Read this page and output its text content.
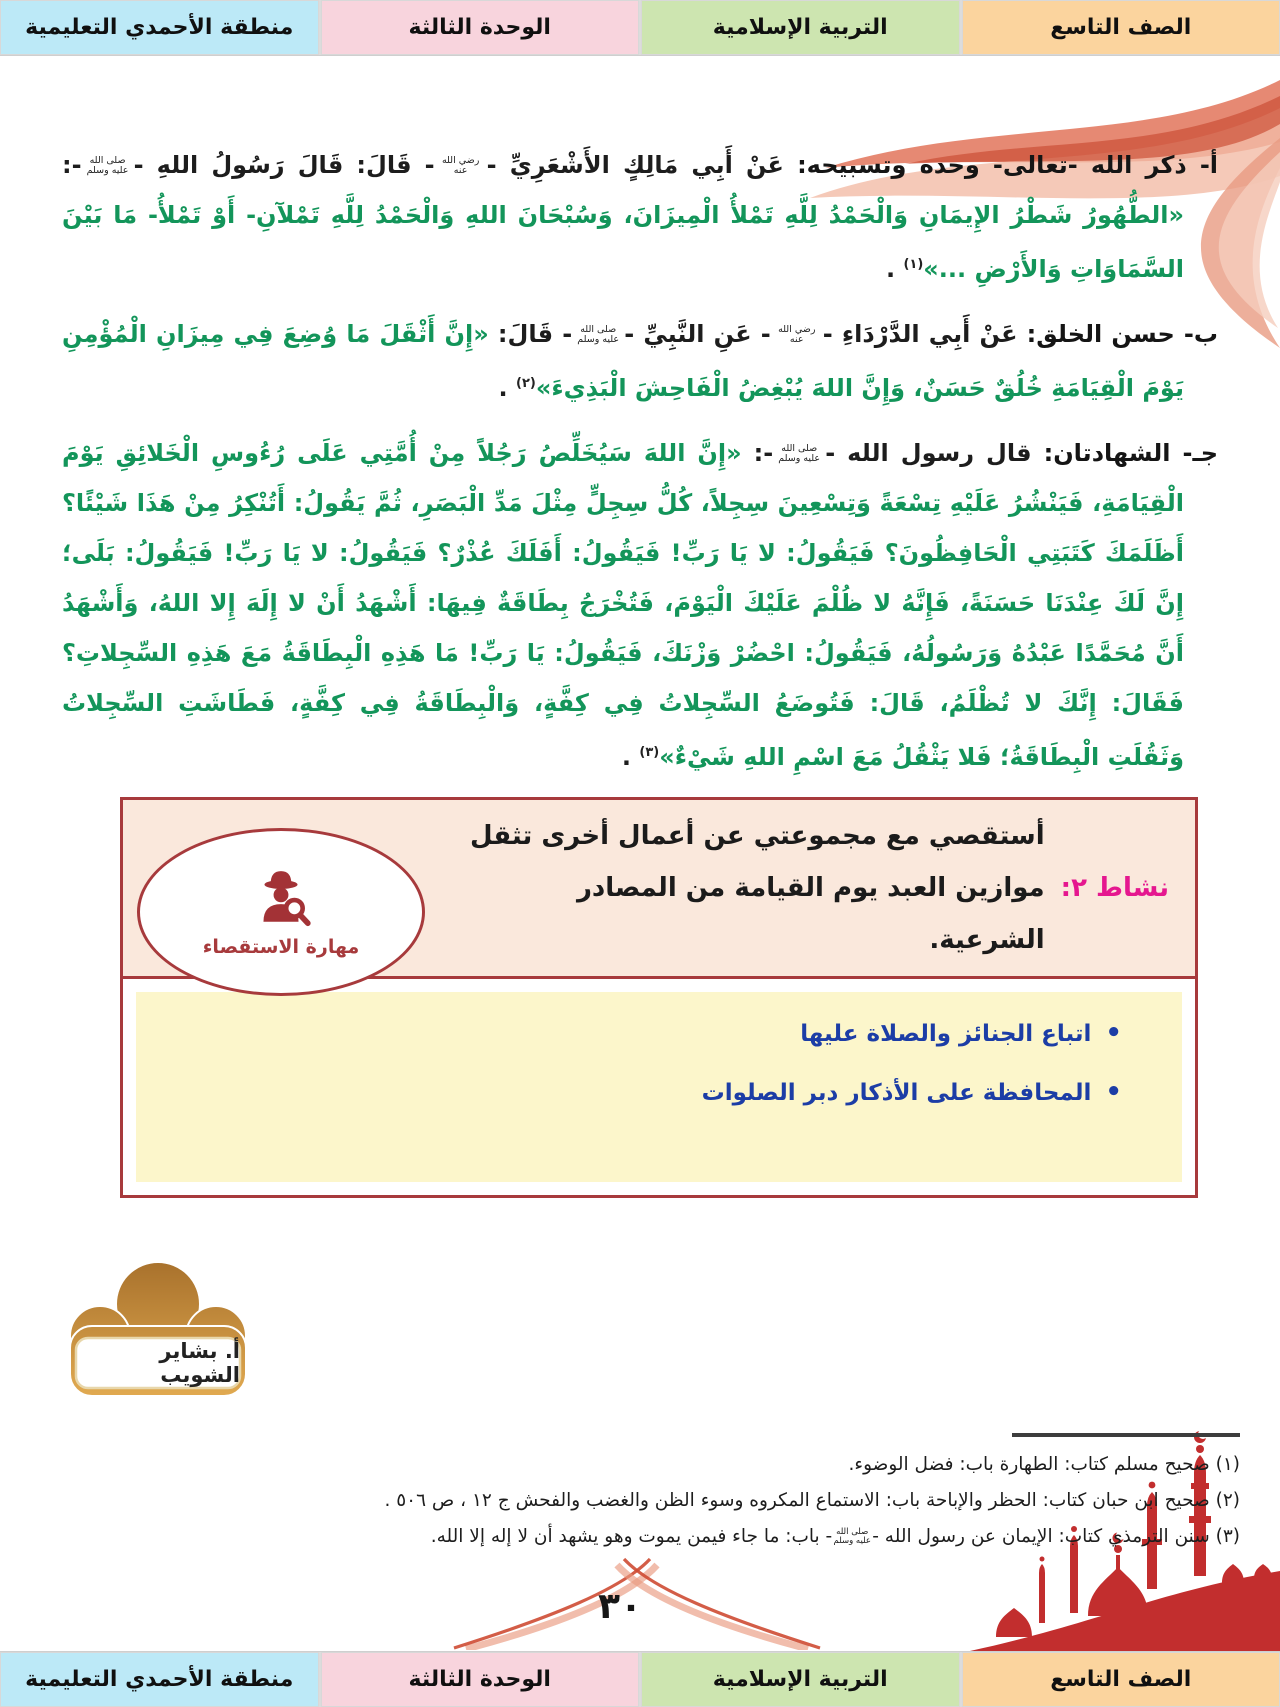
الصف التاسع
التربية الإسلامية
الوحدة الثالثة
منطقة الأحمدي التعليمية

أ- ذكر الله -تعالى- وحده وتسبيحه: عَنْ أَبِي مَالِكٍ الأَشْعَرِيِّ -رضي الله عنه- قَالَ: قَالَ رَسُولُ اللهِ -صلى الله عليه وسلم-: «الطُّهُورُ شَطْرُ الإِيمَانِ وَالْحَمْدُ لِلَّهِ تَمْلأُ الْمِيزَانَ، وَسُبْحَانَ اللهِ وَالْحَمْدُ لِلَّهِ تَمْلآنِ- أَوْ تَمْلأُ- مَا بَيْنَ السَّمَاوَاتِ وَالأَرْضِ ...»$^{(١)}$ .

ب- حسن الخلق: عَنْ أَبِي الدَّرْدَاءِ -رضي الله عنه- عَنِ النَّبِيِّ -صلى الله عليه وسلم- قَالَ: «إِنَّ أَثْقَلَ مَا وُضِعَ فِي مِيزَانِ الْمُؤْمِنِ يَوْمَ الْقِيَامَةِ خُلُقٌ حَسَنٌ، وَإِنَّ اللهَ يُبْغِضُ الْفَاحِشَ الْبَذِيءَ»$^{(٢)}$ .

جـ- الشهادتان: قال رسول الله -صلى الله عليه وسلم-: «إِنَّ اللهَ سَيُخَلِّصُ رَجُلاً مِنْ أُمَّتِي عَلَى رُءُوسِ الْخَلائِقِ يَوْمَ الْقِيَامَةِ، فَيَنْشُرُ عَلَيْهِ تِسْعَةً وَتِسْعِينَ سِجِلاً، كُلُّ سِجِلٍّ مِثْلَ مَدِّ الْبَصَرِ، ثُمَّ يَقُولُ: أَتُنْكِرُ مِنْ هَذَا شَيْئًا؟ أَظَلَمَكَ كَتَبَتِي الْحَافِظُونَ؟ فَيَقُولُ: لا يَا رَبِّ! فَيَقُولُ: أَفَلَكَ عُذْرٌ؟ فَيَقُولُ: لا يَا رَبِّ! فَيَقُولُ: بَلَى؛ إِنَّ لَكَ عِنْدَنَا حَسَنَةً، فَإِنَّهُ لا ظُلْمَ عَلَيْكَ الْيَوْمَ، فَتُخْرَجُ بِطَاقَةٌ فِيهَا: أَشْهَدُ أَنْ لا إِلَهَ إِلا اللهُ، وَأَشْهَدُ أَنَّ مُحَمَّدًا عَبْدُهُ وَرَسُولُهُ، فَيَقُولُ: احْضُرْ وَزْنَكَ، فَيَقُولُ: يَا رَبِّ! مَا هَذِهِ الْبِطَاقَةُ مَعَ هَذِهِ السِّجِلاتِ؟ فَقَالَ: إِنَّكَ لا تُظْلَمُ، قَالَ: فَتُوضَعُ السِّجِلاتُ فِي كِفَّةٍ، وَالْبِطَاقَةُ فِي كِفَّةٍ، فَطَاشَتِ السِّجِلاتُ وَثَقُلَتِ الْبِطَاقَةُ؛ فَلا يَثْقُلُ مَعَ اسْمِ اللهِ شَيْءٌ»$^{(٣)}$ .

نشاط ٢:
أستقصي مع مجموعتي عن أعمال أخرى تثقل موازين العبد يوم القيامة من المصادر الشرعية.
مهارة الاستقصاء
•
اتباع الجنائز والصلاة عليها
•
المحافظة على الأذكار دبر الصلوات
أ. بشاير الشويب
(١) صحيح مسلم كتاب: الطهارة باب: فضل الوضوء.
(٢) صحيح ابن حبان كتاب: الحظر والإباحة باب: الاستماع المكروه وسوء الظن والغضب والفحش ج ١٢ ، ص ٥٠٦ .
(٣) سنن الترمذي كتاب: الإيمان عن رسول الله -صلى الله عليه وسلم- باب: ما جاء فيمن يموت وهو يشهد أن لا إله إلا الله.
٣٠
الصف التاسع
التربية الإسلامية
الوحدة الثالثة
منطقة الأحمدي التعليمية
